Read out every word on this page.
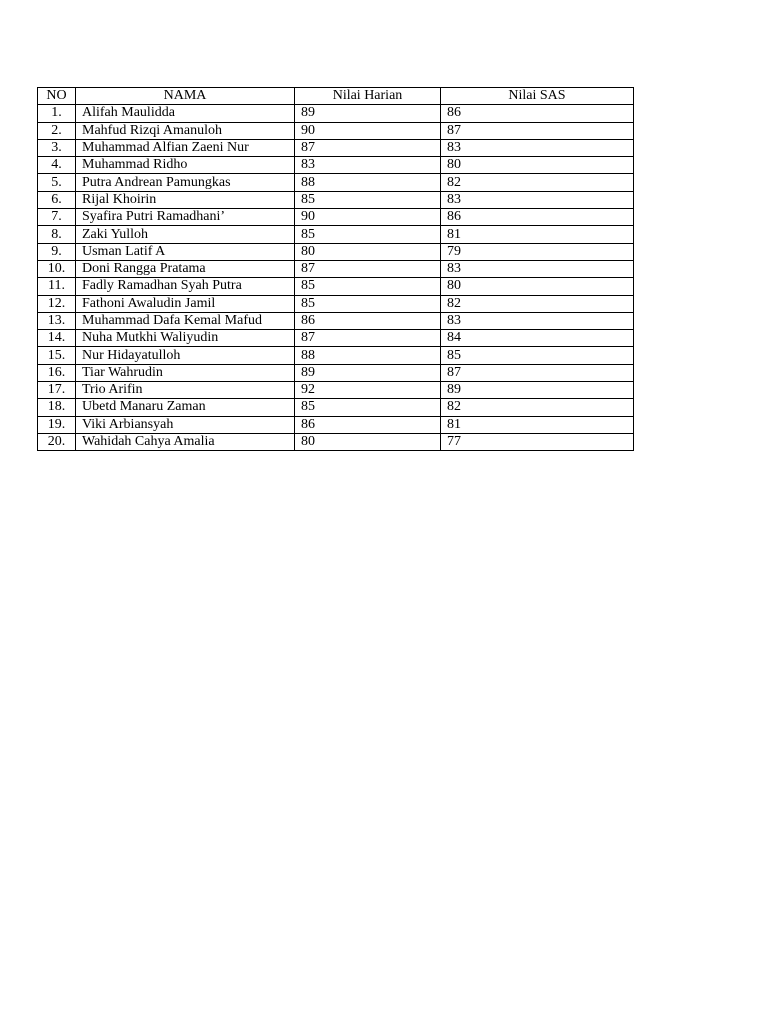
NO	NAMA	Nilai Harian	Nilai SAS
1.	Alifah Maulidda	89	86
2.	Mahfud Rizqi Amanuloh	90	87
3.	Muhammad Alfian Zaeni Nur	87	83
4.	Muhammad Ridho	83	80
5.	Putra Andrean Pamungkas	88	82
6.	Rijal Khoirin	85	83
7.	Syafira Putri Ramadhani’	90	86
8.	Zaki Yulloh	85	81
9.	Usman Latif A	80	79
10.	Doni Rangga Pratama	87	83
11.	Fadly Ramadhan Syah Putra	85	80
12.	Fathoni Awaludin Jamil	85	82
13.	Muhammad Dafa Kemal Mafud	86	83
14.	Nuha Mutkhi Waliyudin	87	84
15.	Nur Hidayatulloh	88	85
16.	Tiar Wahrudin	89	87
17.	Trio Arifin	92	89
18.	Ubetd Manaru Zaman	85	82
19.	Viki Arbiansyah	86	81
20.	Wahidah Cahya Amalia	80	77
